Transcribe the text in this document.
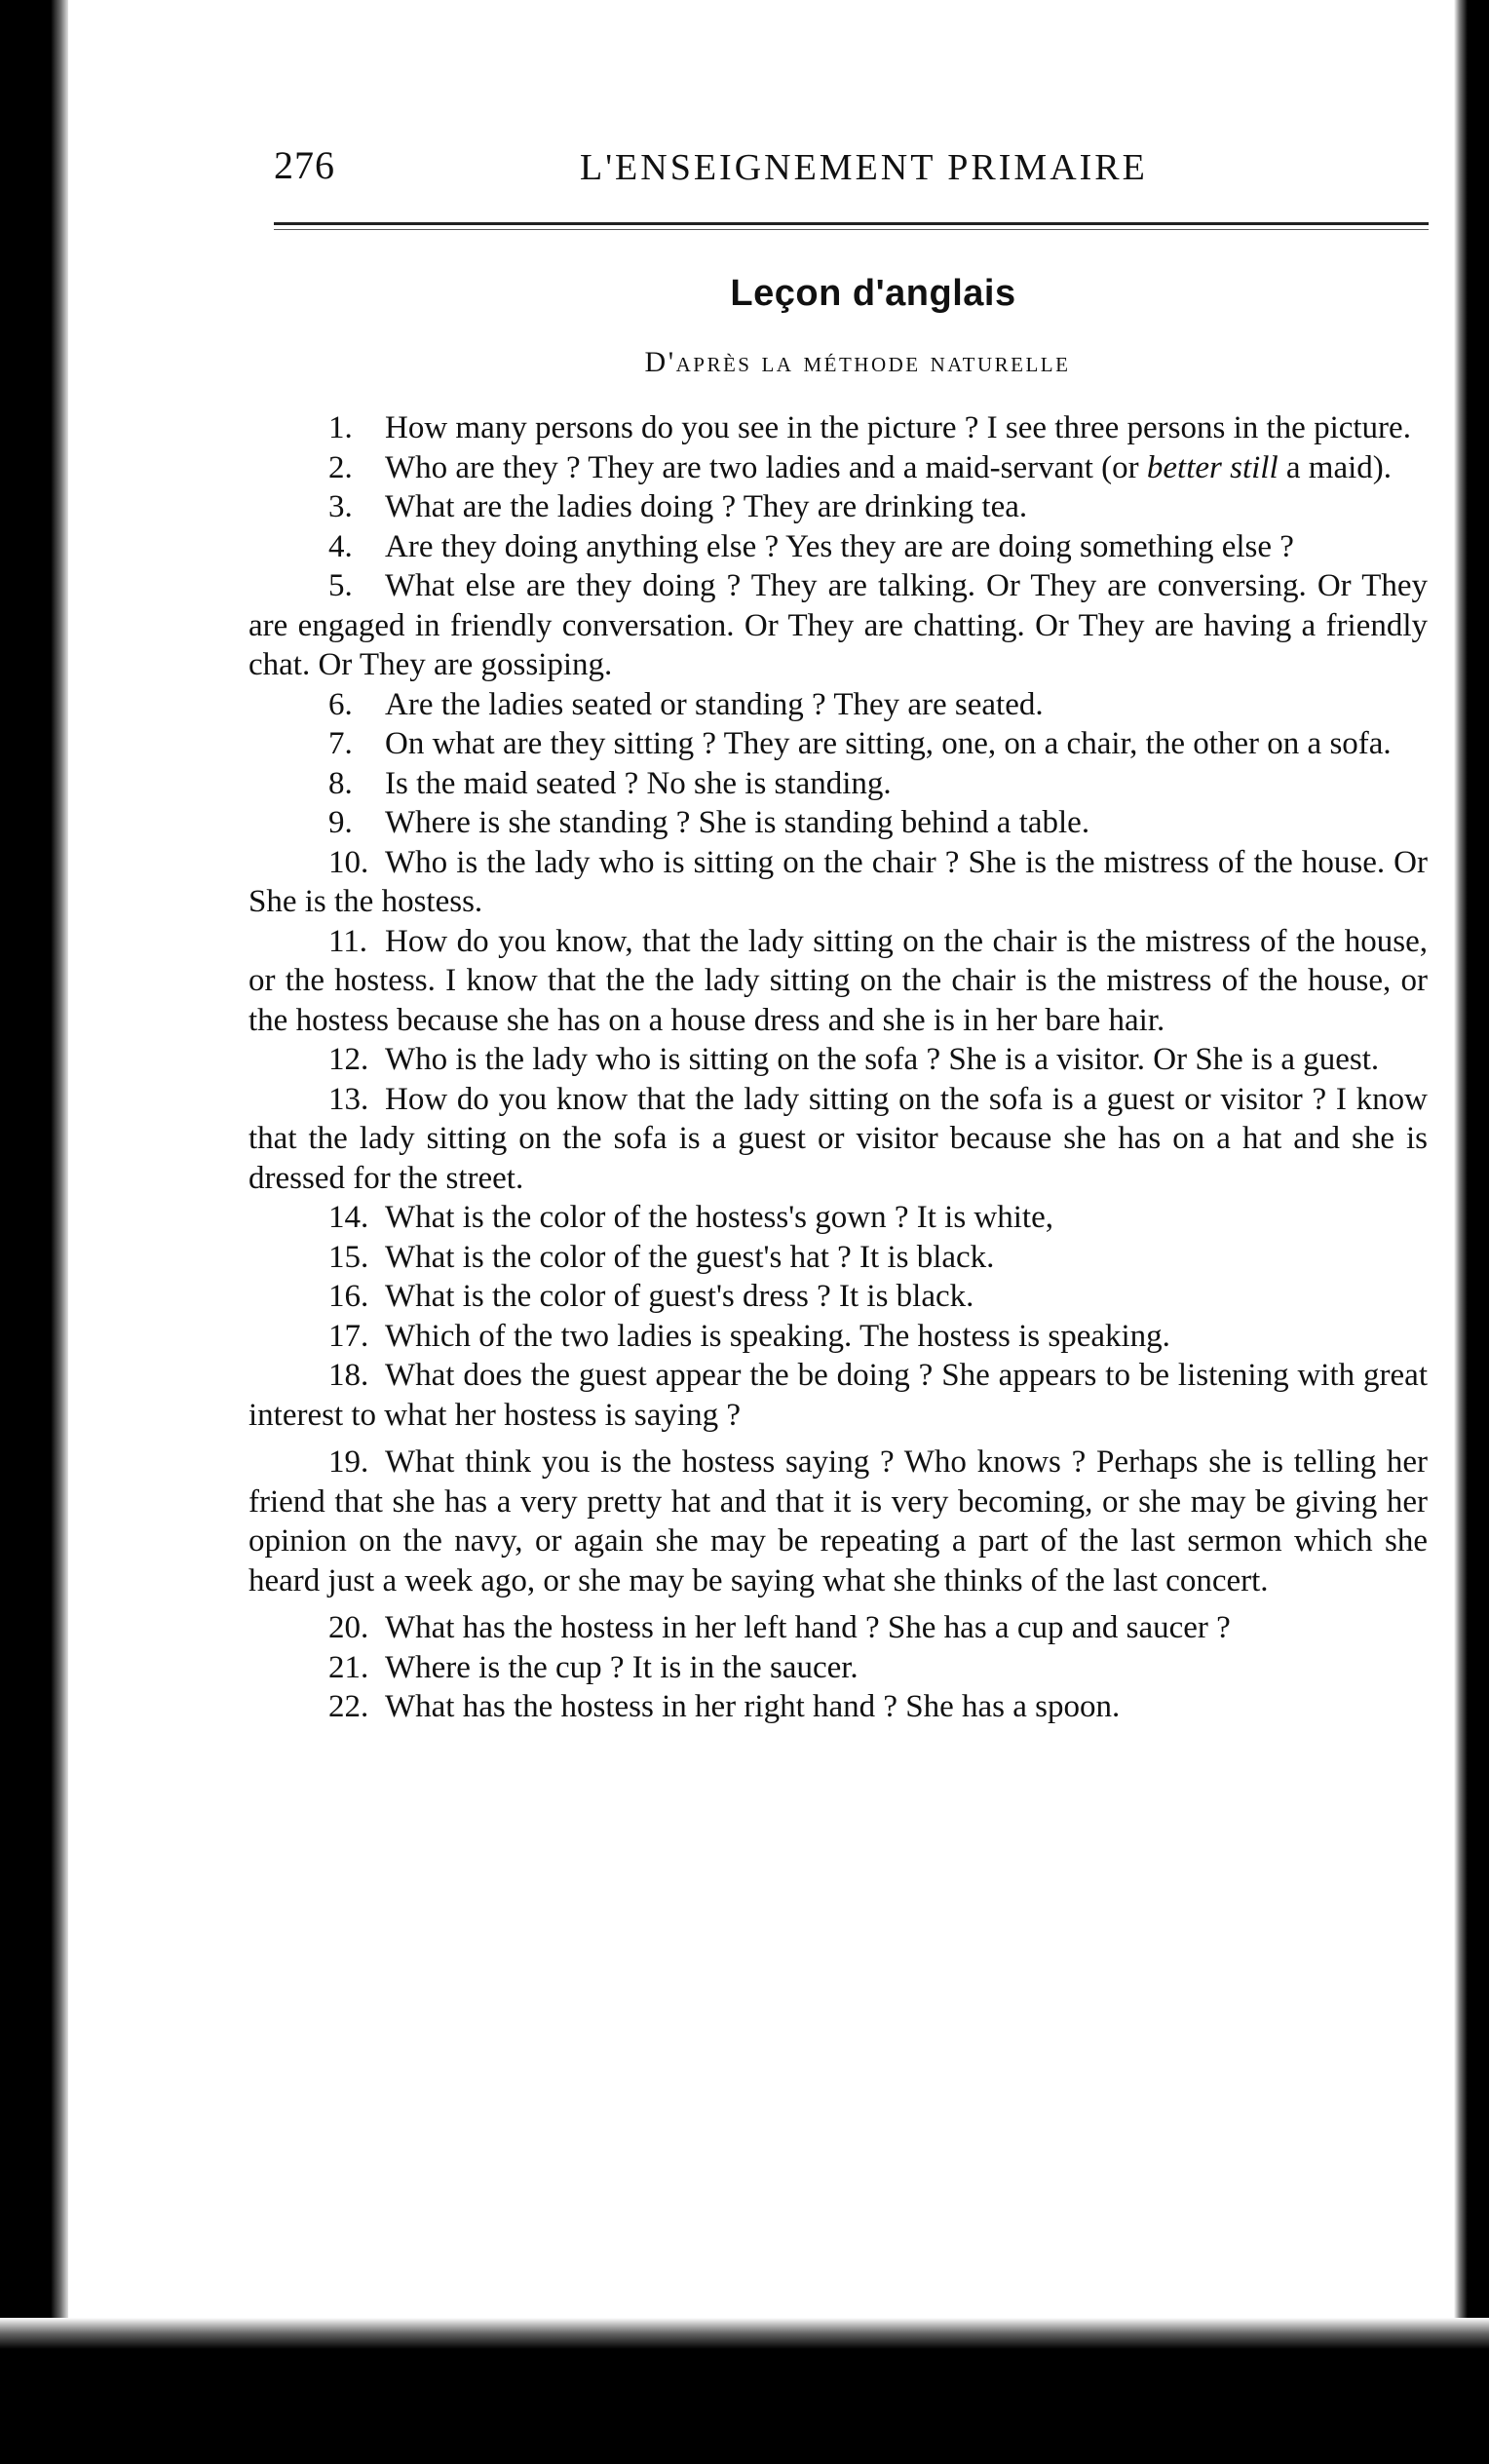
276	L'ENSEIGNEMENT PRIMAIRE
Leçon d'anglais
D'après la méthode naturelle

1. How many persons do you see in the picture ? I see three persons in the picture.

2. Who are they ? They are two ladies and a maid-servant (or better still a maid).

3. What are the ladies doing ? They are drinking tea.

4. Are they doing anything else ? Yes they are are doing something else ?

5. What else are they doing ? They are talking. Or They are conversing. Or They are engaged in friendly conversation. Or They are chatting. Or They are having a friendly chat. Or They are gossiping.

6. Are the ladies seated or standing ? They are seated.

7. On what are they sitting ? They are sitting, one, on a chair, the other on a sofa.

8. Is the maid seated ? No she is standing.

9. Where is she standing ? She is standing behind a table.

10. Who is the lady who is sitting on the chair ? She is the mistress of the house. Or She is the hostess.

11. How do you know, that the lady sitting on the chair is the mistress of the house, or the hostess. I know that the the lady sitting on the chair is the mistress of the house, or the hostess because she has on a house dress and she is in her bare hair.

12. Who is the lady who is sitting on the sofa ? She is a visitor. Or She is a guest.

13. How do you know that the lady sitting on the sofa is a guest or visitor ? I know that the lady sitting on the sofa is a guest or visitor because she has on a hat and she is dressed for the street.

14. What is the color of the hostess's gown ? It is white,

15. What is the color of the guest's hat ? It is black.

16. What is the color of guest's dress ? It is black.

17. Which of the two ladies is speaking. The hostess is speaking.

18. What does the guest appear the be doing ? She appears to be listening with great interest to what her hostess is saying ?

19. What think you is the hostess saying ? Who knows ? Perhaps she is telling her friend that she has a very pretty hat and that it is very becoming, or she may be giving her opinion on the navy, or again she may be repeating a part of the last sermon which she heard just a week ago, or she may be saying what she thinks of the last concert.

20. What has the hostess in her left hand ? She has a cup and saucer ?

21. Where is the cup ? It is in the saucer.

22. What has the hostess in her right hand ? She has a spoon.
